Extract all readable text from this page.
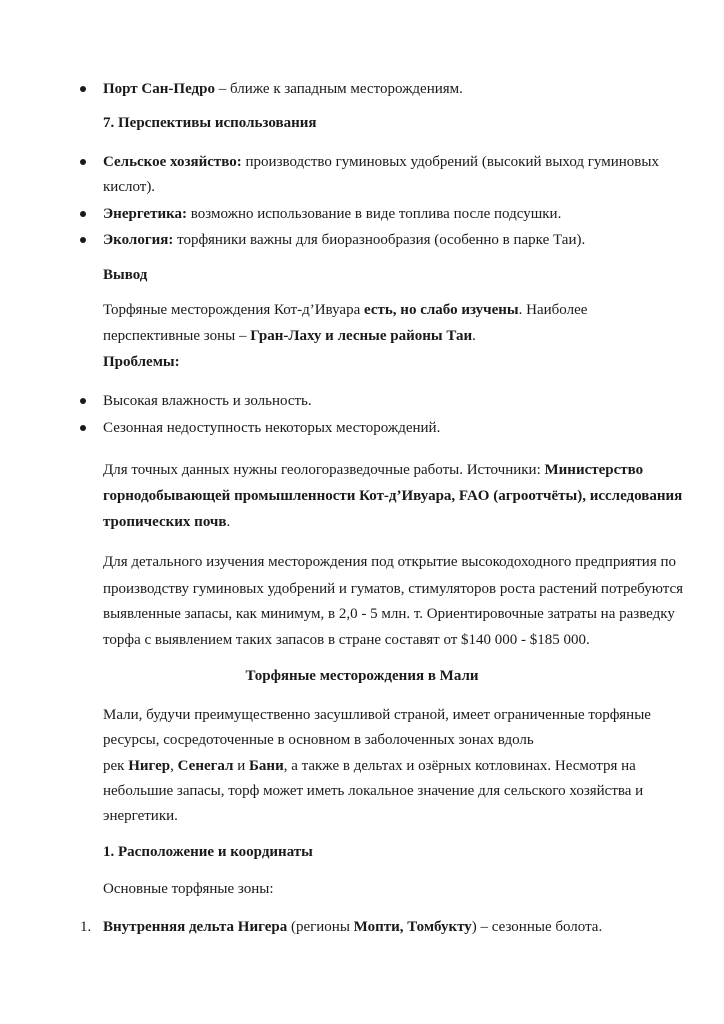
Порт Сан-Педро – ближе к западным месторождениям.
7. Перспективы использования
Сельское хозяйство: производство гуминовых удобрений (высокий выход гуминовых
кислот).
Энергетика: возможно использование в виде топлива после подсушки.
Экология: торфяники важны для биоразнообразия (особенно в парке Таи).
Вывод
Торфяные месторождения Кот-д’Ивуара есть, но слабо изучены. Наиболее
перспективные зоны – Гран-Лаху и лесные районы Таи.
Проблемы:
Высокая влажность и зольность.
Сезонная недоступность некоторых месторождений.
Для точных данных нужны геологоразведочные работы. Источники: Министерство
горнодобывающей промышленности Кот-д’Ивуара, FAO (агроотчёты), исследования
тропических почв.
Для детального изучения месторождения под открытие высокодоходного предприятия по
производству гуминовых удобрений и гуматов, стимуляторов роста растений потребуются
выявленные запасы, как минимум, в 2,0 - 5 млн. т. Ориентировочные затраты на разведку
торфа с выявлением таких запасов в стране составят от $140 000 - $185 000.
Торфяные месторождения в Мали
Мали, будучи преимущественно засушливой страной, имеет ограниченные торфяные
ресурсы, сосредоточенные в основном в заболоченных зонах вдоль
рек Нигер, Сенегал и Бани, а также в дельтах и озёрных котловинах. Несмотря на
небольшие запасы, торф может иметь локальное значение для сельского хозяйства и
энергетики.
1. Расположение и координаты
Основные торфяные зоны:
1. Внутренняя дельта Нигера (регионы Мопти, Томбукту) – сезонные болота.
